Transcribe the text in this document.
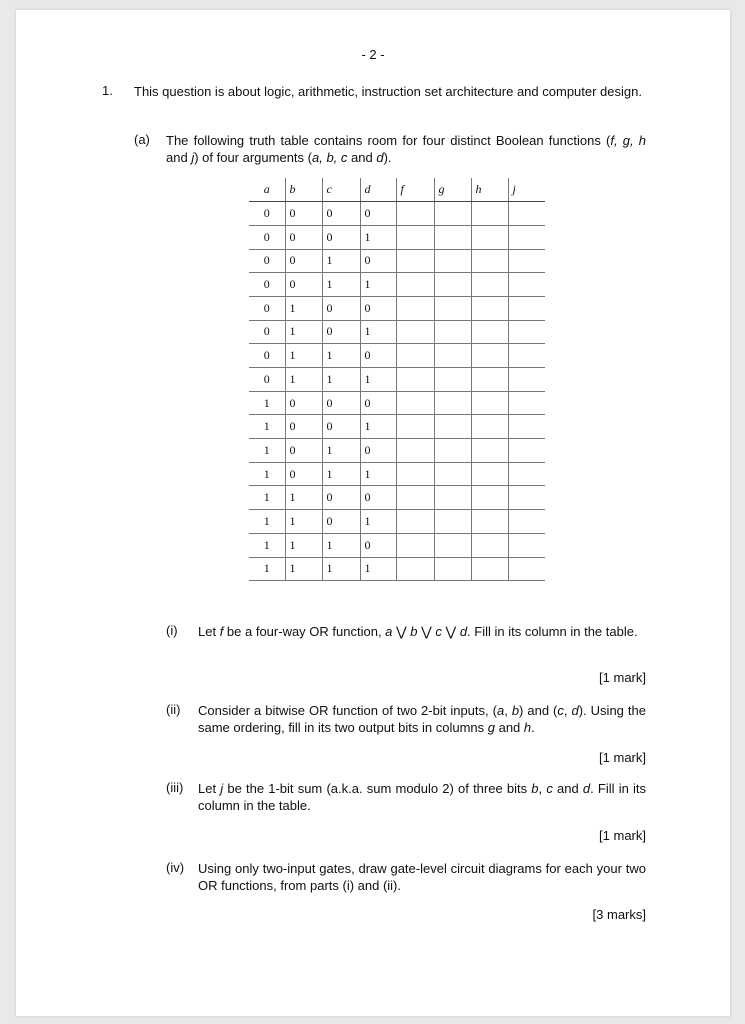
- 2 -
1. This question is about logic, arithmetic, instruction set architecture and computer design.
(a) The following truth table contains room for four distinct Boolean functions (f, g, h and j) of four arguments (a, b, c and d).
a	b	c	d	f	g	h	j
0	0	0	0				
0	0	0	1				
0	0	1	0				
0	0	1	1				
0	1	0	0				
0	1	0	1				
0	1	1	0				
0	1	1	1				
1	0	0	0				
1	0	0	1				
1	0	1	0				
1	0	1	1				
1	1	0	0				
1	1	0	1				
1	1	1	0				
1	1	1	1				
(i) Let f be a four-way OR function, a ⋁ b ⋁ c ⋁ d. Fill in its column in the table.
[1 mark]
(ii) Consider a bitwise OR function of two 2-bit inputs, (a, b) and (c, d). Using the same ordering, fill in its two output bits in columns g and h.
[1 mark]
(iii) Let j be the 1-bit sum (a.k.a. sum modulo 2) of three bits b, c and d. Fill in its column in the table.
[1 mark]
(iv) Using only two-input gates, draw gate-level circuit diagrams for each your two OR functions, from parts (i) and (ii).
[3 marks]
